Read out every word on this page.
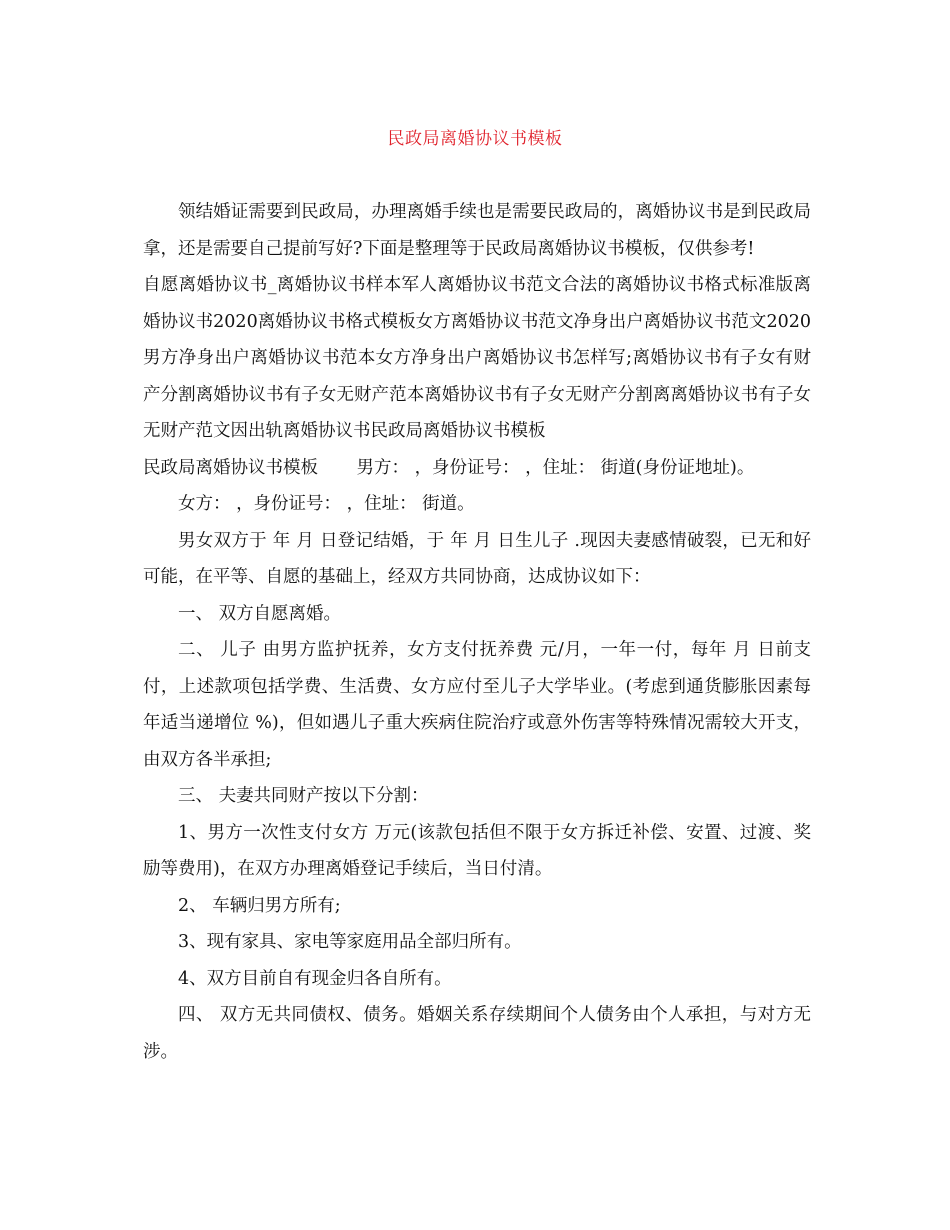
民政局离婚协议书模板

领结婚证需要到民政局，办理离婚手续也是需要民政局的，离婚协议书是到民政局拿，还是需要自己提前写好?下面是整理等于民政局离婚协议书模板，仅供参考!

自愿离婚协议书_离婚协议书样本军人离婚协议书范文合法的离婚协议书格式标准版离婚协议书2020离婚协议书格式模板女方离婚协议书范文净身出户离婚协议书范文2020男方净身出户离婚协议书范本女方净身出户离婚协议书怎样写;离婚协议书有子女有财产分割离婚协议书有子女无财产范本离婚协议书有子女无财产分割离离婚协议书有子女无财产范文因出轨离婚协议书民政局离婚协议书模板

民政局离婚协议书模板 男方： ，身份证号： ，住址： 街道(身份证地址)。

女方： ，身份证号： ，住址： 街道。

男女双方于 年 月 日登记结婚，于 年 月 日生儿子 .现因夫妻感情破裂，已无和好可能，在平等、自愿的基础上，经双方共同协商，达成协议如下：

一、 双方自愿离婚。

二、 儿子 由男方监护抚养，女方支付抚养费 元/月，一年一付，每年 月 日前支付，上述款项包括学费、生活费、女方应付至儿子大学毕业。(考虑到通货膨胀因素每年适当递增位 %)，但如遇儿子重大疾病住院治疗或意外伤害等特殊情况需较大开支，由双方各半承担;

三、 夫妻共同财产按以下分割：

1、男方一次性支付女方 万元(该款包括但不限于女方拆迁补偿、安置、过渡、奖励等费用)，在双方办理离婚登记手续后，当日付清。

2、 车辆归男方所有;

3、现有家具、家电等家庭用品全部归所有。

4、双方目前自有现金归各自所有。

四、 双方无共同债权、债务。婚姻关系存续期间个人债务由个人承担，与对方无涉。
